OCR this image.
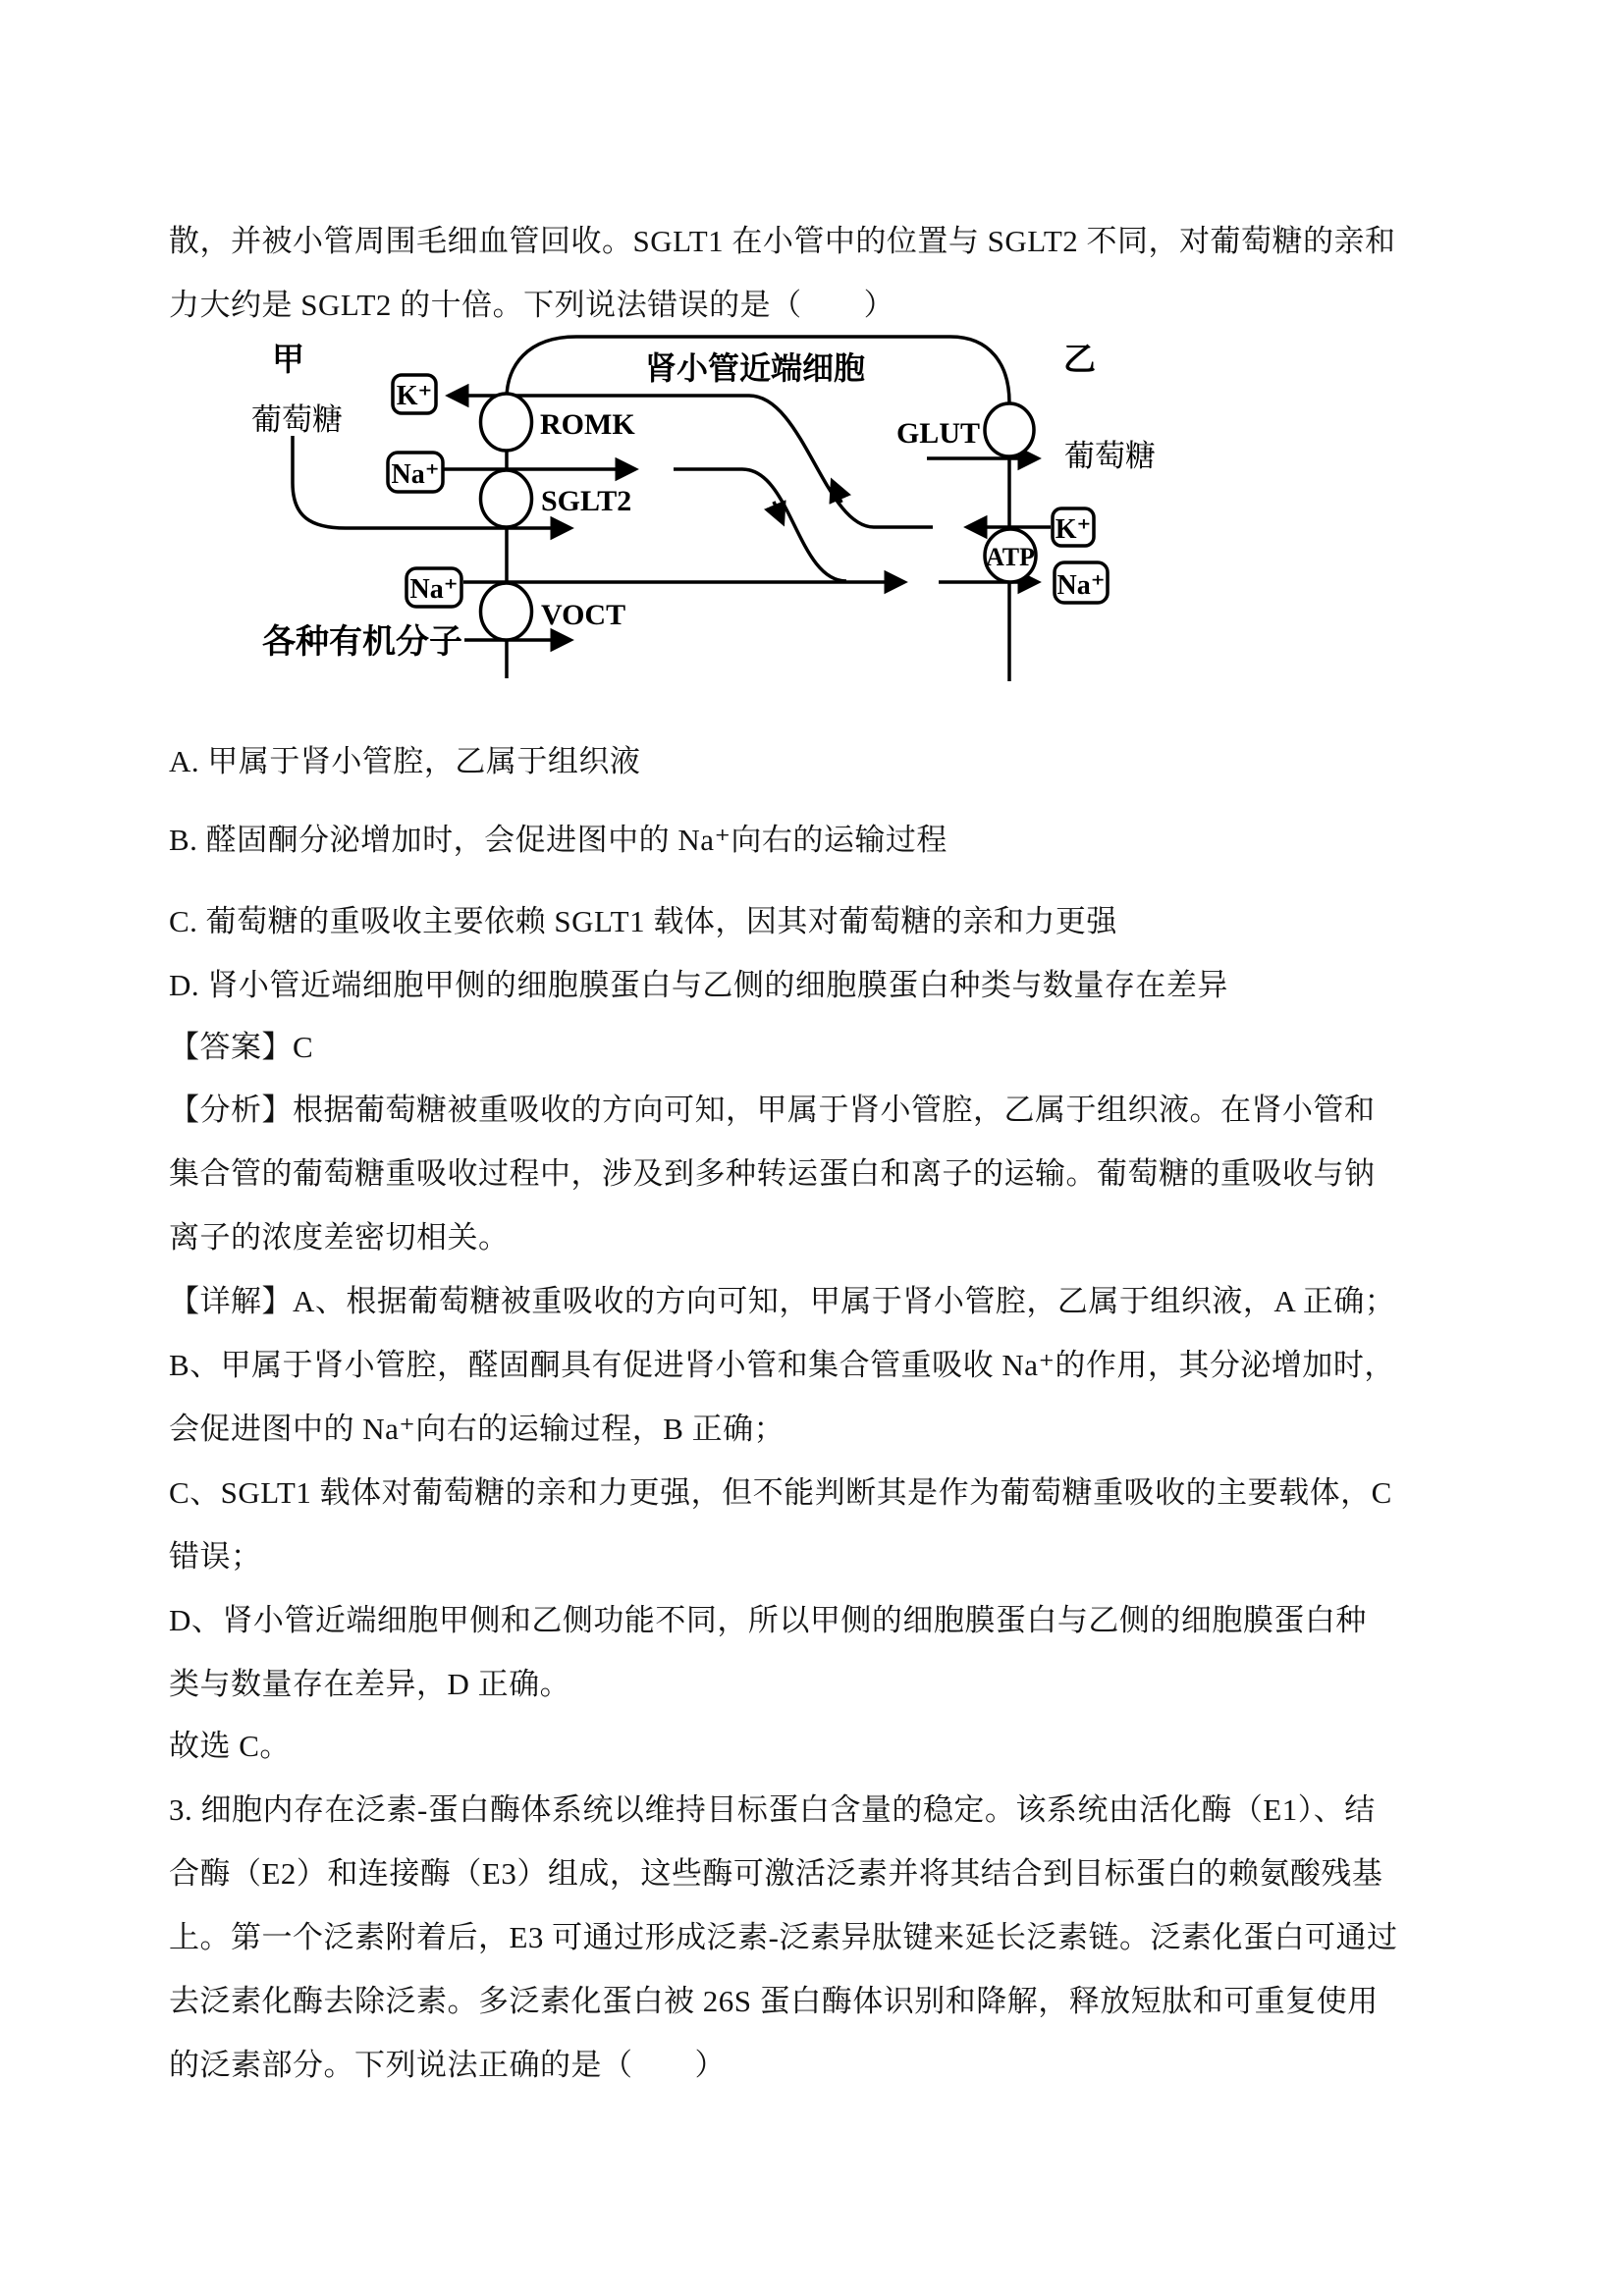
散，并被小管周围毛细血管回收。SGLT1 在小管中的位置与 SGLT2 不同，对葡萄糖的亲和
力大约是 SGLT2 的十倍。下列说法错误的是（　　）
K⁺
Na⁺
Na⁺
K⁺
Na⁺
甲	乙
肾小管近端细胞
ROMK
SGLT2
VOCT
GLUT
ATP
葡萄糖
葡萄糖
各种有机分子
A. 甲属于肾小管腔，乙属于组织液
B. 醛固酮分泌增加时，会促进图中的 Na⁺向右的运输过程
C. 葡萄糖的重吸收主要依赖 SGLT1 载体，因其对葡萄糖的亲和力更强
D. 肾小管近端细胞甲侧的细胞膜蛋白与乙侧的细胞膜蛋白种类与数量存在差异
【答案】C
【分析】根据葡萄糖被重吸收的方向可知，甲属于肾小管腔，乙属于组织液。在肾小管和
集合管的葡萄糖重吸收过程中，涉及到多种转运蛋白和离子的运输。葡萄糖的重吸收与钠
离子的浓度差密切相关。
【详解】A、根据葡萄糖被重吸收的方向可知，甲属于肾小管腔，乙属于组织液，A 正确；
B、甲属于肾小管腔，醛固酮具有促进肾小管和集合管重吸收 Na⁺的作用，其分泌增加时，
会促进图中的 Na⁺向右的运输过程，B 正确；
C、SGLT1 载体对葡萄糖的亲和力更强，但不能判断其是作为葡萄糖重吸收的主要载体，C
错误；
D、肾小管近端细胞甲侧和乙侧功能不同，所以甲侧的细胞膜蛋白与乙侧的细胞膜蛋白种
类与数量存在差异，D 正确。
故选 C。
3. 细胞内存在泛素-蛋白酶体系统以维持目标蛋白含量的稳定。该系统由活化酶（E1）、结
合酶（E2）和连接酶（E3）组成，这些酶可激活泛素并将其结合到目标蛋白的赖氨酸残基
上。第一个泛素附着后，E3 可通过形成泛素-泛素异肽键来延长泛素链。泛素化蛋白可通过
去泛素化酶去除泛素。多泛素化蛋白被 26S 蛋白酶体识别和降解，释放短肽和可重复使用
的泛素部分。下列说法正确的是（　　）
